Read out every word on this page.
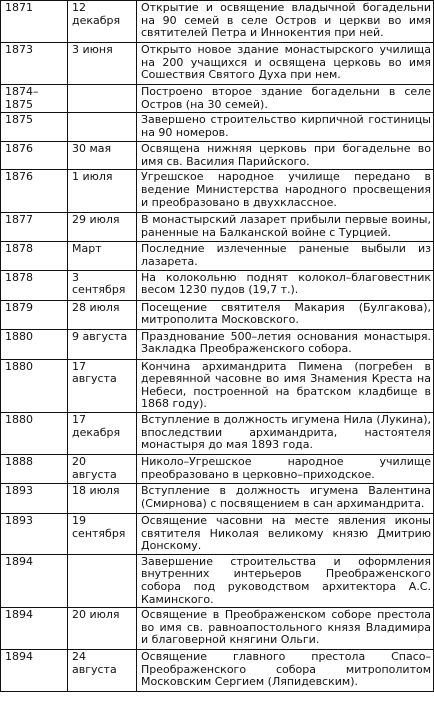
1871	12 декабря	Открытие и освящение владычной богадельни на 90 семей в селе Остров и церкви во имя святителей Петра и Иннокентия при ней.
1873	3 июня	Открыто новое здание монастырского училища на 200 учащихся и освящена церковь во имя Сошествия Святого Духа при нем.
1874–1875		Построено второе здание богадельни в селе Остров (на 30 семей).
1875		Завершено строительство кирпичной гостиницы на 90 номеров.
1876	30 мая	Освящена нижняя церковь при богадельне во имя св. Василия Парийского.
1876	1 июля	Угрешское народное училище передано в ведение Министерства народного просвещения и преобразовано в двухклассное.
1877	29 июля	В монастырский лазарет прибыли первые воины, раненные на Балканской войне с Турцией.
1878	Март	Последние излеченные раненые выбыли из лазарета.
1878	3 сентября	На колокольню поднят колокол–благовестник весом 1230 пудов (19,7 т.).
1879	28 июля	Посещение святителя Макария (Булгакова), митрополита Московского.
1880	9 августа	Празднование 500–летия основания монастыря. Закладка Преображенского собора.
1880	17 августа	Кончина архимандрита Пимена (погребен в деревянной часовне во имя Знамения Креста на Небеси, построенной на братском кладбище в 1868 году).
1880	17 декабря	Вступление в должность игумена Нила (Лукина), впоследствии архимандрита, настоятеля монастыря до мая 1893 года.
1888	20 августа	Николо–Угрешское народное училище преобразовано в церковно–приходское.
1893	18 июля	Вступление в должность игумена Валентина (Смирнова) с посвящением в сан архимандрита.
1893	19 сентября	Освящение часовни на месте явления иконы святителя Николая великому князю Дмитрию Донскому.
1894		Завершение строительства и оформления внутренних интерьеров Преображенского собора под руководством архитектора А.С. Каминского.
1894	20 июля	Освящение в Преображенском соборе престола во имя св. равноапостольного князя Владимира и благоверной княгини Ольги.
1894	24 августа	Освящение главного престола Спасо–Преображенского собора митрополитом Московским Сергием (Ляпидевским).
